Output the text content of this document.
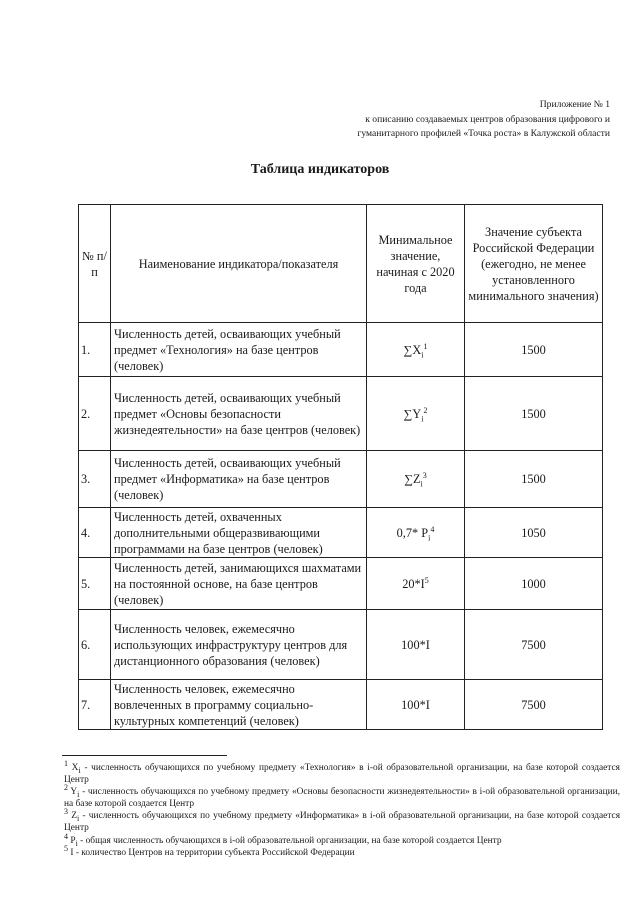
Приложение № 1
к описанию создаваемых центров образования цифрового и
гуманитарного профилей «Точка роста» в Калужской области
Таблица индикаторов
№ п/п	Наименование индикатора/показателя	Минимальное значение, начиная с 2020 года	Значение субъекта Российской Федерации (ежегодно, не менее установленного минимального значения)
1.	Численность детей, осваивающих учебный предмет «Технология» на базе центров (человек)	$\sum X_i^1$	1500
2.	Численность детей, осваивающих учебный предмет «Основы безопасности жизнедеятельности» на базе центров (человек)	$\sum Y_i^2$	1500
3.	Численность детей, осваивающих учебный предмет «Информатика» на базе центров (человек)	$\sum Z_i^3$	1500
4.	Численность детей, охваченных дополнительными общеразвивающими программами на базе центров (человек)	0,7* $P_i^4$	1050
5.	Численность детей, занимающихся шахматами на постоянной основе, на базе центров (человек)	$20*I^5$	1000
6.	Численность человек, ежемесячно использующих инфраструктуру центров для дистанционного образования (человек)	100*I	7500
7.	Численность человек, ежемесячно вовлеченных в программу социально-культурных компетенций (человек)	100*I	7500
$^1$ $X_i$ - численность обучающихся по учебному предмету «Технология» в i-ой образовательной организации, на базе которой создается Центр
$^2$ $Y_i$ - численность обучающихся по учебному предмету «Основы безопасности жизнедеятельности» в i-ой образовательной организации, на базе которой создается Центр
$^3$ $Z_i$ - численность обучающихся по учебному предмету «Информатика» в i-ой образовательной организации, на базе которой создается Центр
$^4$ $P_i$ - общая численность обучающихся в i-ой образовательной организации, на базе которой создается Центр
$^5$ I - количество Центров на территории субъекта Российской Федерации
